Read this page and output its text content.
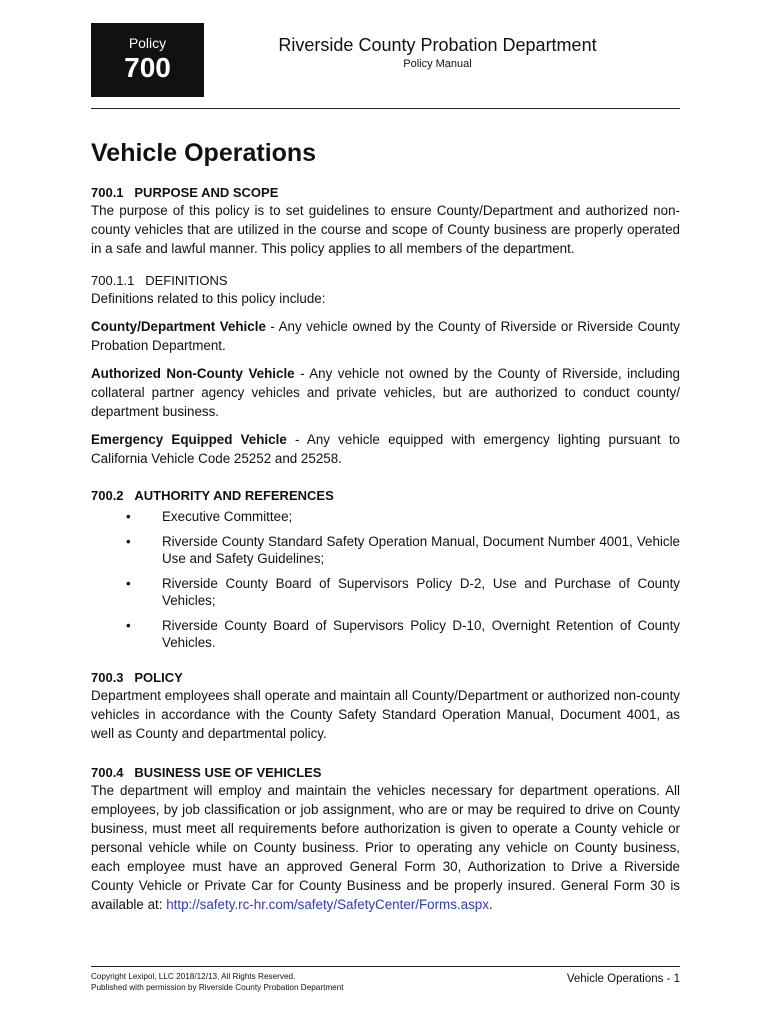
Policy
700
Riverside County Probation Department
Policy Manual
Vehicle Operations
700.1 PURPOSE AND SCOPE

The purpose of this policy is to set guidelines to ensure County/Department and authorized non-county vehicles that are utilized in the course and scope of County business are properly operated in a safe and lawful manner. This policy applies to all members of the department.

700.1.1 DEFINITIONS

Definitions related to this policy include:

County/Department Vehicle - Any vehicle owned by the County of Riverside or Riverside County Probation Department.

Authorized Non-County Vehicle - Any vehicle not owned by the County of Riverside, including collateral partner agency vehicles and private vehicles, but are authorized to conduct county/ department business.

Emergency Equipped Vehicle - Any vehicle equipped with emergency lighting pursuant to California Vehicle Code 25252 and 25258.

700.2 AUTHORITY AND REFERENCES
• Executive Committee;
• Riverside County Standard Safety Operation Manual, Document Number 4001, Vehicle Use and Safety Guidelines;
• Riverside County Board of Supervisors Policy D-2, Use and Purchase of County Vehicles;
• Riverside County Board of Supervisors Policy D-10, Overnight Retention of County Vehicles.
700.3 POLICY

Department employees shall operate and maintain all County/Department or authorized non-county vehicles in accordance with the County Safety Standard Operation Manual, Document 4001, as well as County and departmental policy.

700.4 BUSINESS USE OF VEHICLES

The department will employ and maintain the vehicles necessary for department operations. All employees, by job classification or job assignment, who are or may be required to drive on County business, must meet all requirements before authorization is given to operate a County vehicle or personal vehicle while on County business. Prior to operating any vehicle on County business, each employee must have an approved General Form 30, Authorization to Drive a Riverside County Vehicle or Private Car for County Business and be properly insured. General Form 30 is available at: http://safety.rc-hr.com/safety/SafetyCenter/Forms.aspx.

Copyright Lexipol, LLC 2018/12/13, All Rights Reserved.
Published with permission by Riverside County Probation Department
Vehicle Operations - 1
